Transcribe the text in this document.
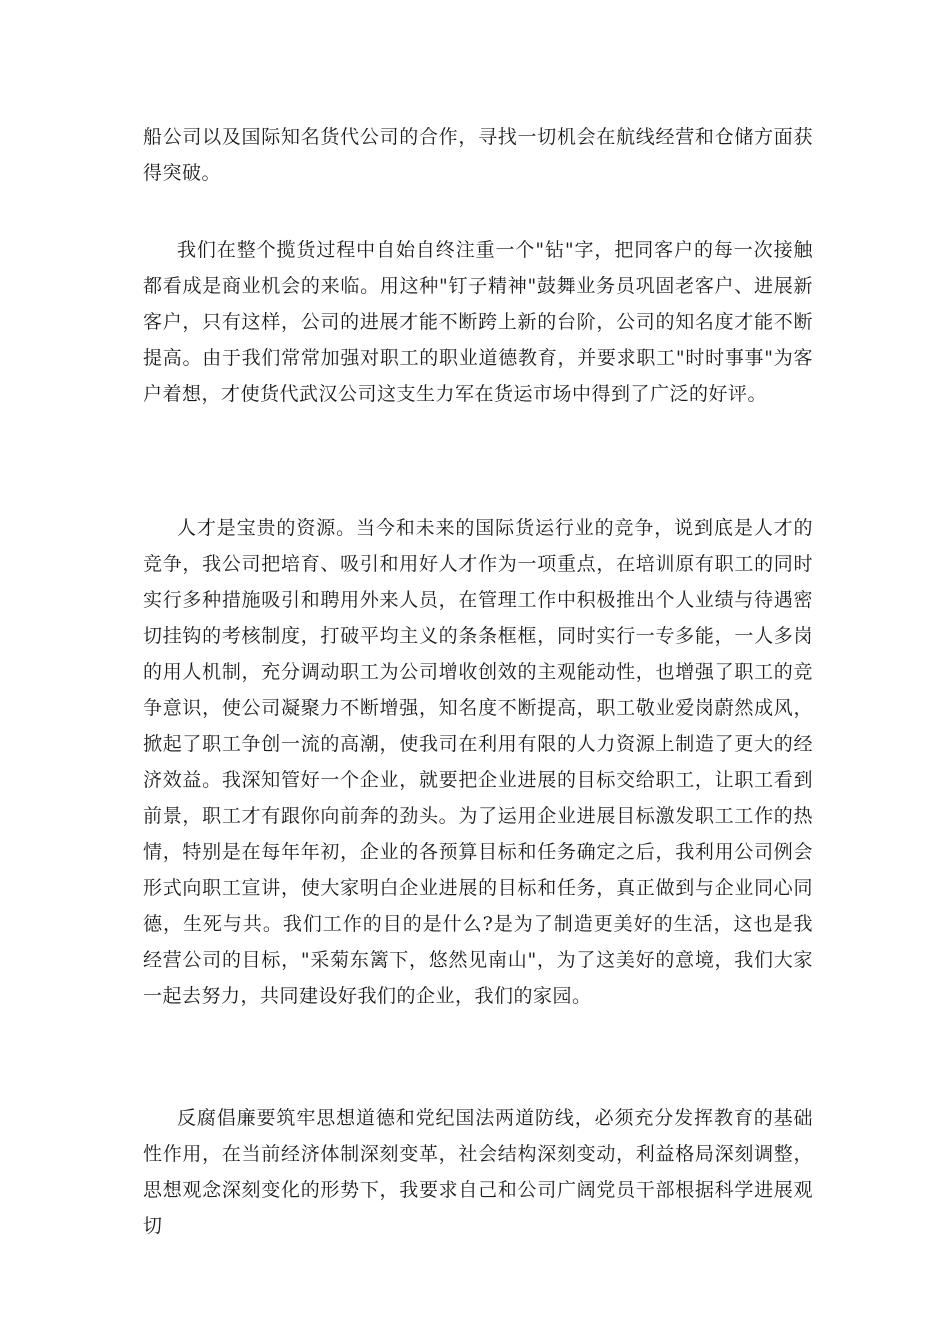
船公司以及国际知名货代公司的合作，寻找一切机会在航线经营和仓储方面获得突破。

我们在整个揽货过程中自始自终注重一个"钻"字，把同客户的每一次接触都看成是商业机会的来临。用这种"钉子精神"鼓舞业务员巩固老客户、进展新客户，只有这样，公司的进展才能不断跨上新的台阶，公司的知名度才能不断提高。由于我们常常加强对职工的职业道德教育，并要求职工"时时事事"为客户着想，才使货代武汉公司这支生力军在货运市场中得到了广泛的好评。

人才是宝贵的资源。当今和未来的国际货运行业的竞争，说到底是人才的竞争，我公司把培育、吸引和用好人才作为一项重点，在培训原有职工的同时实行多种措施吸引和聘用外来人员，在管理工作中积极推出个人业绩与待遇密切挂钩的考核制度，打破平均主义的条条框框，同时实行一专多能，一人多岗的用人机制，充分调动职工为公司增收创效的主观能动性，也增强了职工的竞争意识，使公司凝聚力不断增强，知名度不断提高，职工敬业爱岗蔚然成风，掀起了职工争创一流的高潮，使我司在利用有限的人力资源上制造了更大的经济效益。我深知管好一个企业，就要把企业进展的目标交给职工，让职工看到前景，职工才有跟你向前奔的劲头。为了运用企业进展目标激发职工工作的热情，特别是在每年年初，企业的各预算目标和任务确定之后，我利用公司例会形式向职工宣讲，使大家明白企业进展的目标和任务，真正做到与企业同心同德，生死与共。我们工作的目的是什么?是为了制造更美好的生活，这也是我经营公司的目标，"采菊东篱下，悠然见南山"，为了这美好的意境，我们大家一起去努力，共同建设好我们的企业，我们的家园。

反腐倡廉要筑牢思想道德和党纪国法两道防线，必须充分发挥教育的基础性作用，在当前经济体制深刻变革，社会结构深刻变动，利益格局深刻调整，思想观念深刻变化的形势下，我要求自己和公司广阔党员干部根据科学进展观切
